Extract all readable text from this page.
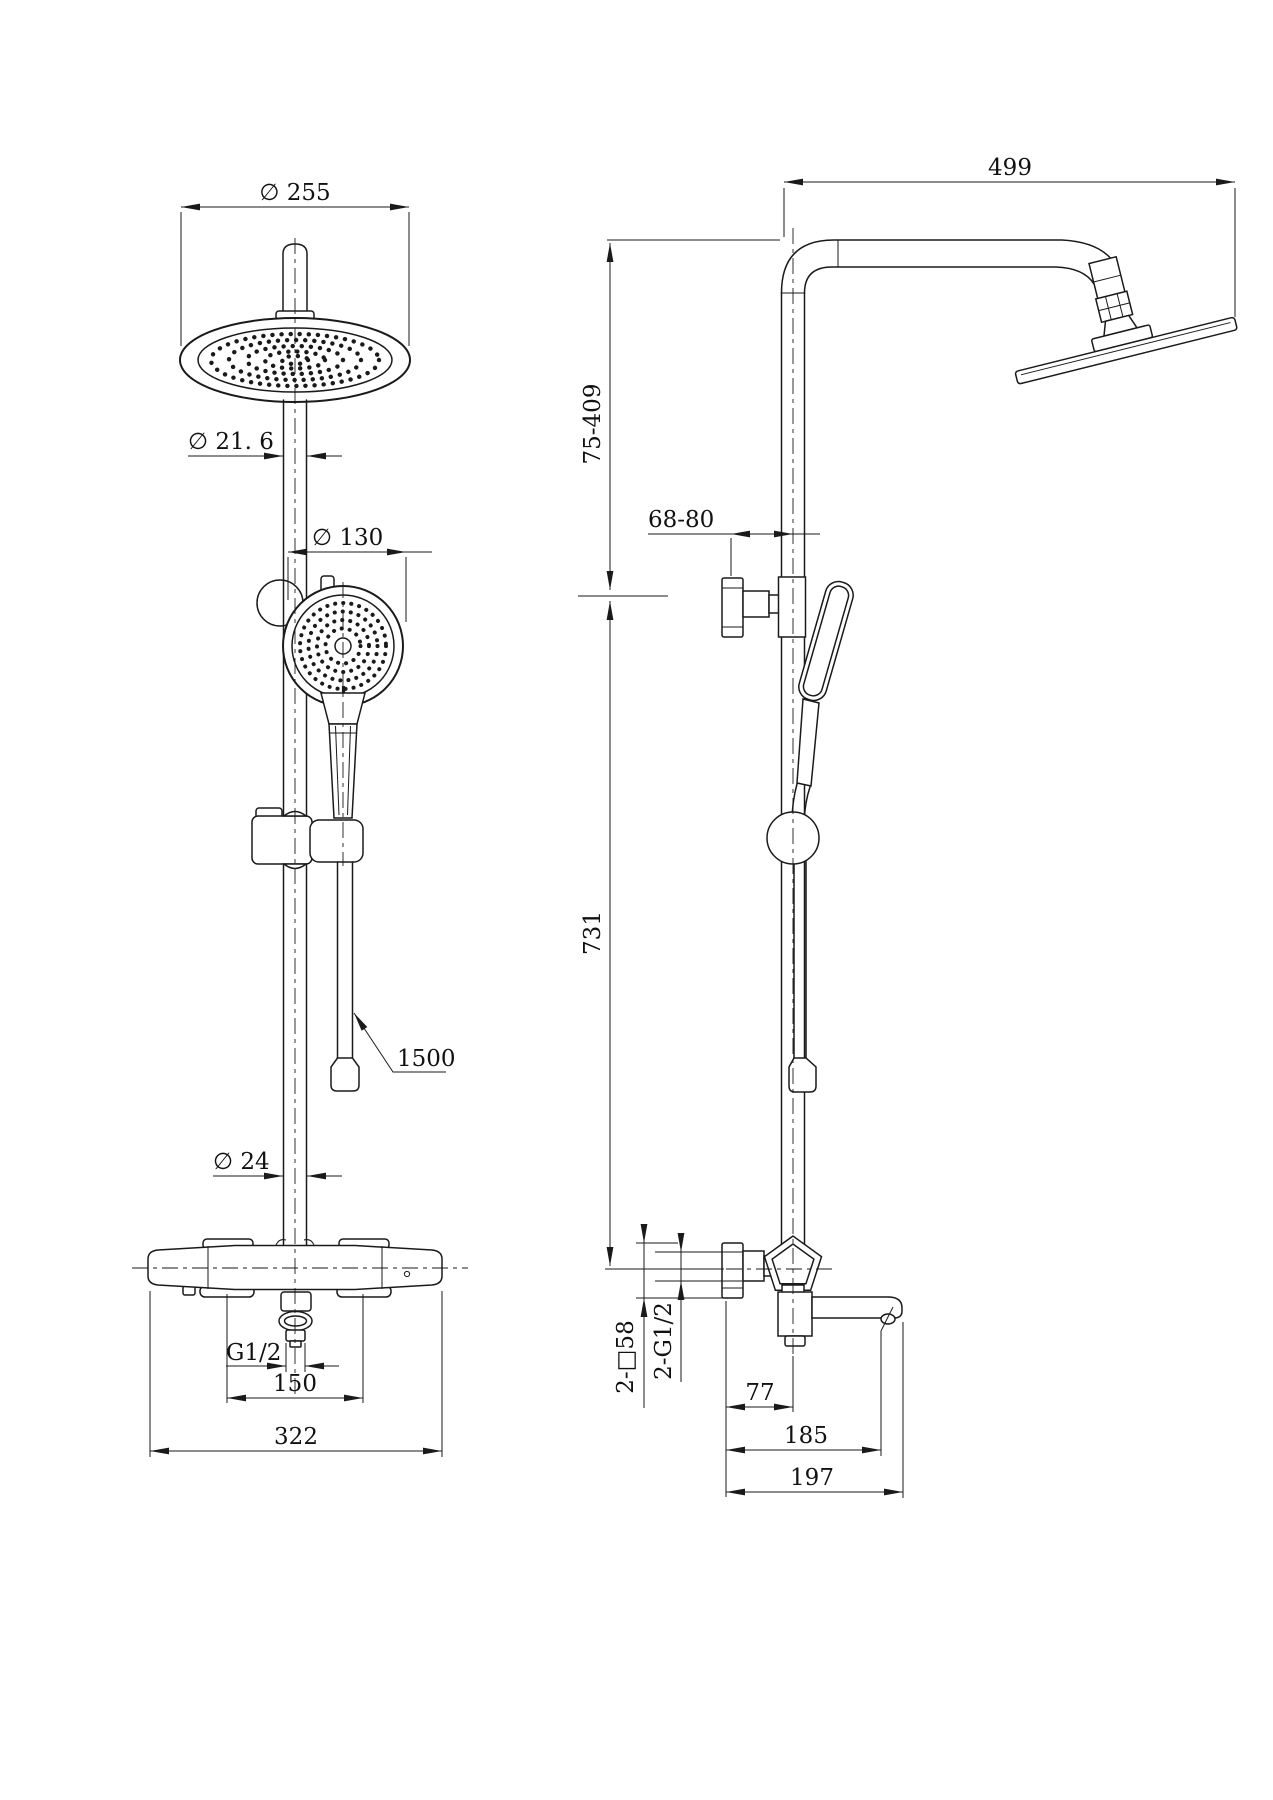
∅ 255
∅ 21. 6
∅ 130
1500
∅ 24
G1/2
150
322
499
75-409
731
68-80
2-□58 2-G1/2
77
185
197
